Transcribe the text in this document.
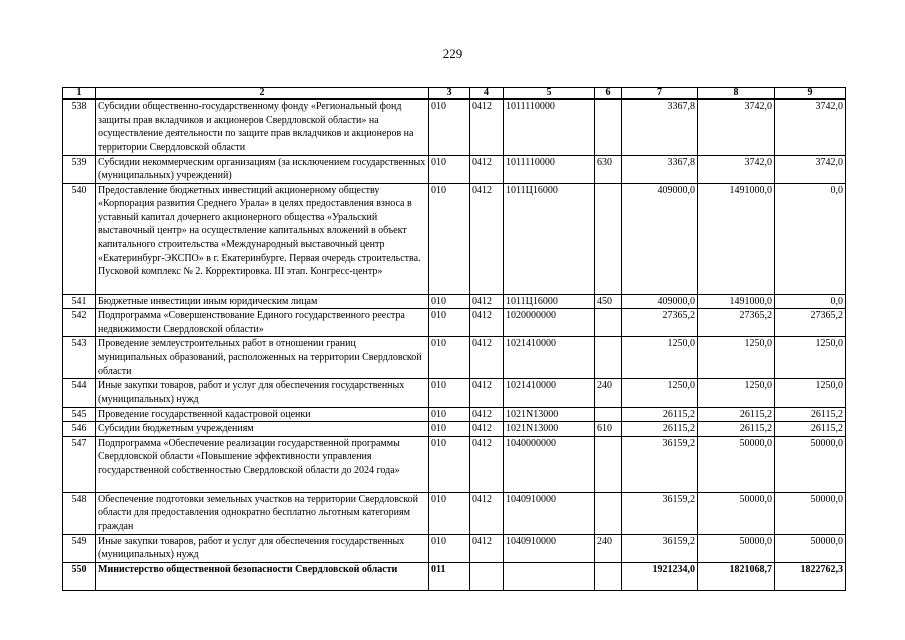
229
1	2	3	4	5	6	7	8	9
538	Субсидии общественно-государственному фонду «Региональный фонд защиты прав вкладчиков и акционеров Свердловской области» на осуществление деятельности по защите прав вкладчиков и акционеров на территории Свердловской области	010	0412	1011110000		3367,8	3742,0	3742,0
539	Субсидии некоммерческим организациям (за исключением государственных (муниципальных) учреждений)	010	0412	1011110000	630	3367,8	3742,0	3742,0
540	Предоставление бюджетных инвестиций акционерному обществу «Корпорация развития Среднего Урала» в целях предоставления взноса в уставный капитал дочернего акционерного общества «Уральский выставочный центр» на осуществление капитальных вложений в объект капитального строительства «Международный выставочный центр «Екатеринбург-ЭКСПО» в г. Екатеринбурге. Первая очередь строительства. Пусковой комплекс № 2. Корректировка. III этап. Конгресс-центр»	010	0412	1011Ц16000		409000,0	1491000,0	0,0
541	Бюджетные инвестиции иным юридическим лицам	010	0412	1011Ц16000	450	409000,0	1491000,0	0,0
542	Подпрограмма «Совершенствование Единого государственного реестра недвижимости Свердловской области»	010	0412	1020000000		27365,2	27365,2	27365,2
543	Проведение землеустроительных работ в отношении границ муниципальных образований, расположенных на территории Свердловской области	010	0412	1021410000		1250,0	1250,0	1250,0
544	Иные закупки товаров, работ и услуг для обеспечения государственных (муниципальных) нужд	010	0412	1021410000	240	1250,0	1250,0	1250,0
545	Проведение государственной кадастровой оценки	010	0412	1021N13000		26115,2	26115,2	26115,2
546	Субсидии бюджетным учреждениям	010	0412	1021N13000	610	26115,2	26115,2	26115,2
547	Подпрограмма «Обеспечение реализации государственной программы Свердловской области «Повышение эффективности управления государственной собственностью Свердловской области до 2024 года»	010	0412	1040000000		36159,2	50000,0	50000,0
548	Обеспечение подготовки земельных участков на территории Свердловской области для предоставления однократно бесплатно льготным категориям граждан	010	0412	1040910000		36159,2	50000,0	50000,0
549	Иные закупки товаров, работ и услуг для обеспечения государственных (муниципальных) нужд	010	0412	1040910000	240	36159,2	50000,0	50000,0
550	Министерство общественной безопасности Свердловской области	011				1921234,0	1821068,7	1822762,3
